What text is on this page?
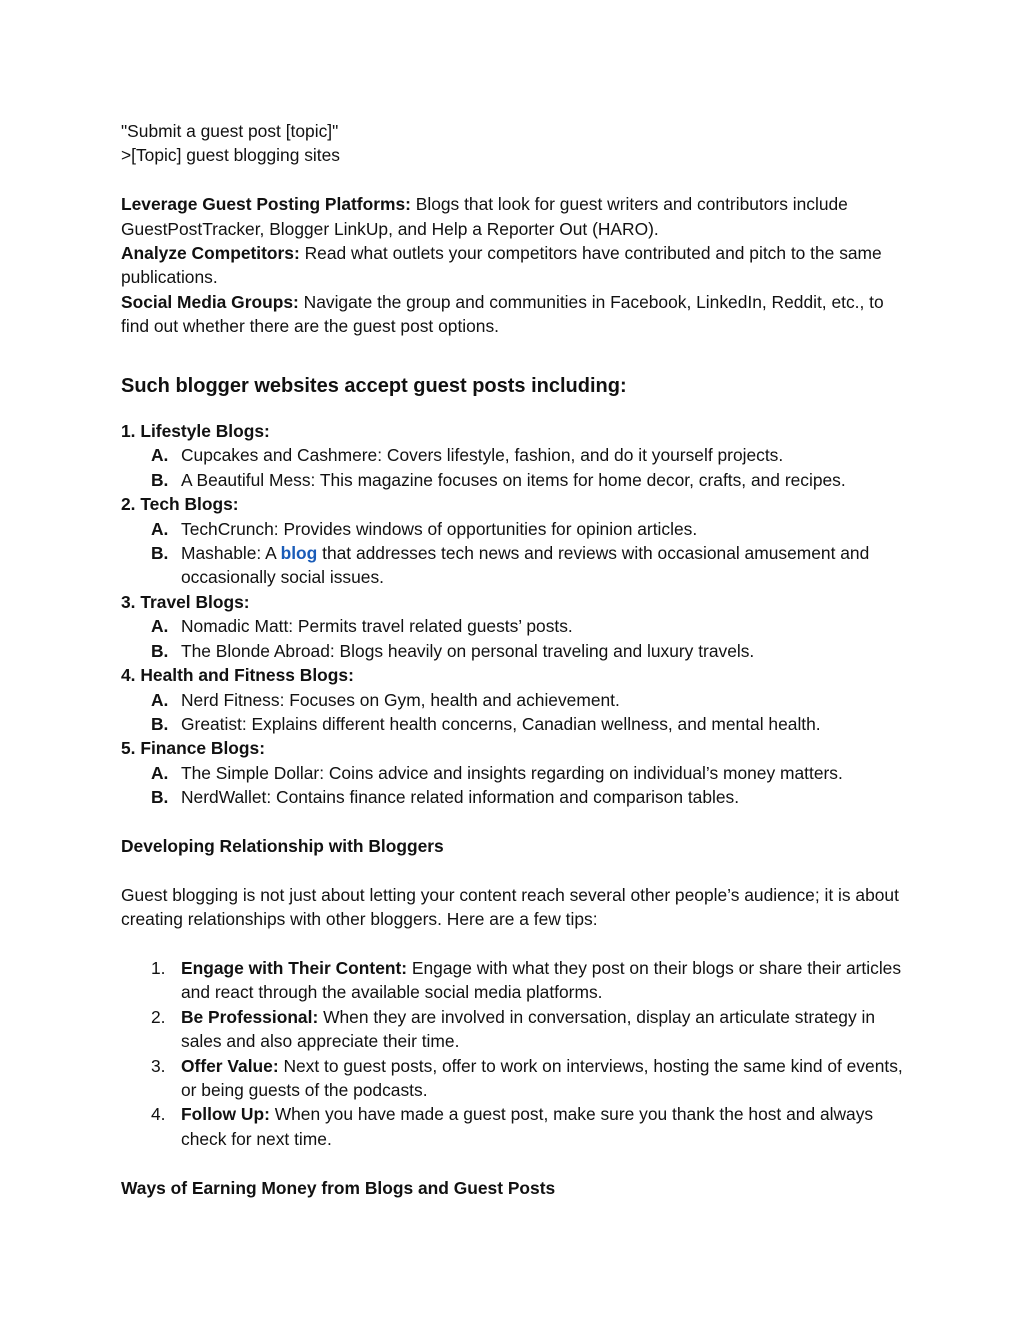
"Submit a guest post [topic]"

>[Topic] guest blogging sites

Leverage Guest Posting Platforms: Blogs that look for guest writers and contributors include GuestPostTracker, Blogger LinkUp, and Help a Reporter Out (HARO).

Analyze Competitors: Read what outlets your competitors have contributed and pitch to the same publications.

Social Media Groups: Navigate the group and communities in Facebook, LinkedIn, Reddit, etc., to find out whether there are the guest post options.

Such blogger websites accept guest posts including:

1. Lifestyle Blogs:

A. Cupcakes and Cashmere: Covers lifestyle, fashion, and do it yourself projects.
B. A Beautiful Mess: This magazine focuses on items for home decor, crafts, and recipes.

2. Tech Blogs:

A. TechCrunch: Provides windows of opportunities for opinion articles.
B. Mashable: A blog that addresses tech news and reviews with occasional amusement and occasionally social issues.

3. Travel Blogs:

A. Nomadic Matt: Permits travel related guests’ posts.
B. The Blonde Abroad: Blogs heavily on personal traveling and luxury travels.

4. Health and Fitness Blogs:

A. Nerd Fitness: Focuses on Gym, health and achievement.
B. Greatist: Explains different health concerns, Canadian wellness, and mental health.

5. Finance Blogs:

A. The Simple Dollar: Coins advice and insights regarding on individual’s money matters.
B. NerdWallet: Contains finance related information and comparison tables.

Developing Relationship with Bloggers

Guest blogging is not just about letting your content reach several other people’s audience; it is about creating relationships with other bloggers. Here are a few tips:

1. Engage with Their Content: Engage with what they post on their blogs or share their articles and react through the available social media platforms.
2. Be Professional: When they are involved in conversation, display an articulate strategy in sales and also appreciate their time.
3. Offer Value: Next to guest posts, offer to work on interviews, hosting the same kind of events, or being guests of the podcasts.
4. Follow Up: When you have made a guest post, make sure you thank the host and always check for next time.

Ways of Earning Money from Blogs and Guest Posts
